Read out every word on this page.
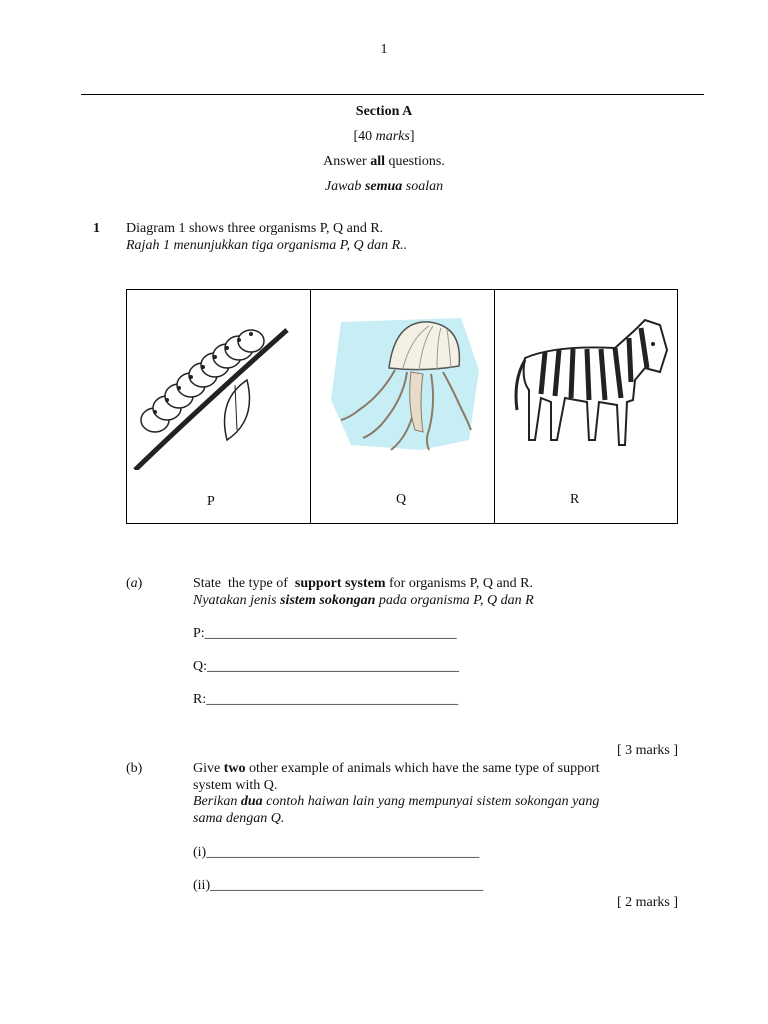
1
Section A
[40 marks]
Answer all questions.
Jawab semua soalan
1 Diagram 1 shows three organisms P, Q and R.
Rajah 1 menunjukkan tiga organisma P, Q dan R..
P	Q	R
(a)	State  the type of  support system for organisms P, Q and R.
Nyatakan jenis sistem sokongan pada organisma P, Q dan R
P:____________________________________
Q:____________________________________
R:____________________________________
[ 3 marks ]
(b)	Give two other example of animals which have the same type of support
system with Q.
Berikan dua contoh haiwan lain yang mempunyai sistem sokongan yang
sama dengan Q.
(i)_______________________________________
(ii)_______________________________________
[ 2 marks ]
